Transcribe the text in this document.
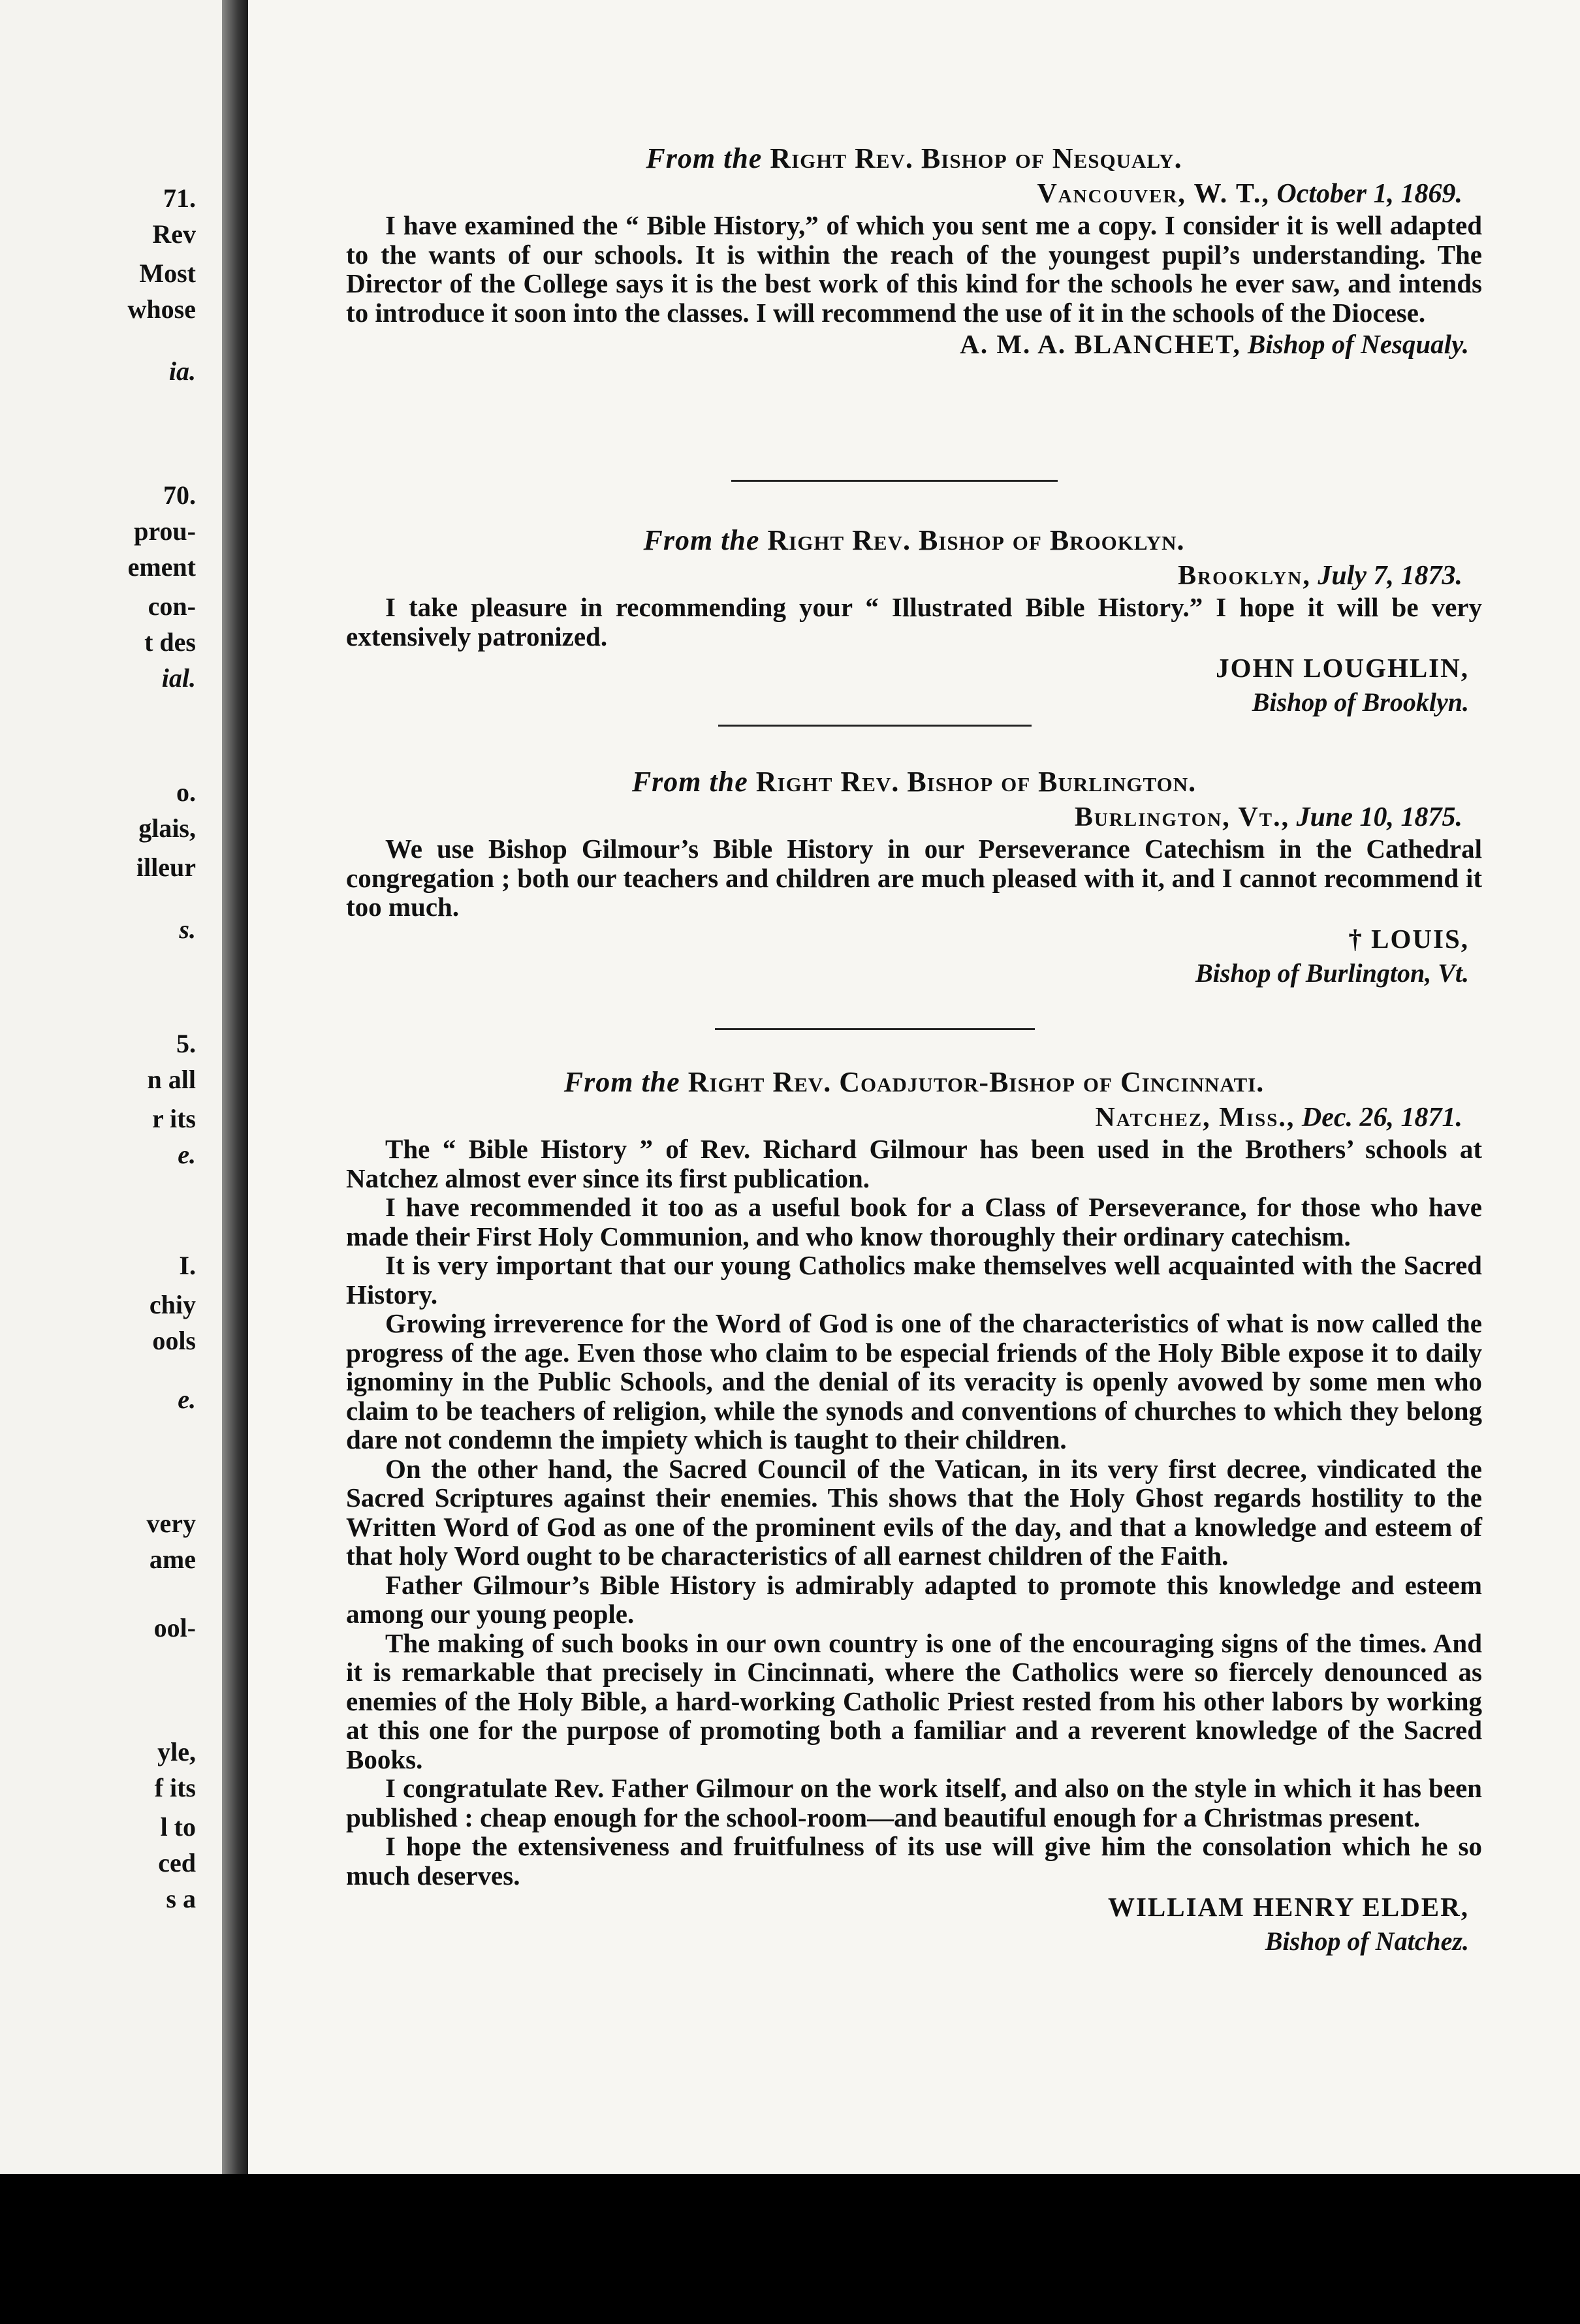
71.
Rev
Most
whose
ia.
70.
prou-
ement
con-
t des
ial.
o.
glais,
illeur
s.
5.
n all
r its
e.
I.
chiy
ools
e.
very
ame
ool-
yle,
f its
l to
ced
s a
From the Right Rev. Bishop of Nesqualy.
Vancouver, W. T., October 1, 1869.

I have examined the “ Bible History,” of which you sent me a copy. I consider it is well adapted to the wants of our schools. It is within the reach of the youngest pupil’s understanding. The Director of the College says it is the best work of this kind for the schools he ever saw, and intends to introduce it soon into the classes. I will recommend the use of it in the schools of the Diocese.

A. M. A. BLANCHET, Bishop of Nesqualy.
From the Right Rev. Bishop of Brooklyn.
Brooklyn, July 7, 1873.

I take pleasure in recommending your “ Illustrated Bible History.” I hope it will be very extensively patronized.

JOHN LOUGHLIN,
Bishop of Brooklyn.
From the Right Rev. Bishop of Burlington.
Burlington, Vt., June 10, 1875.

We use Bishop Gilmour’s Bible History in our Perseverance Catechism in the Cathedral congregation ; both our teachers and children are much pleased with it, and I cannot recommend it too much.

† LOUIS,
Bishop of Burlington, Vt.
From the Right Rev. Coadjutor-Bishop of Cincinnati.
Natchez, Miss., Dec. 26, 1871.

The “ Bible History ” of Rev. Richard Gilmour has been used in the Brothers’ schools at Natchez almost ever since its first publication.

I have recommended it too as a useful book for a Class of Perseverance, for those who have made their First Holy Communion, and who know thoroughly their ordinary catechism.

It is very important that our young Catholics make themselves well acquainted with the Sacred History.

Growing irreverence for the Word of God is one of the characteristics of what is now called the progress of the age. Even those who claim to be especial friends of the Holy Bible expose it to daily ignominy in the Public Schools, and the denial of its veracity is openly avowed by some men who claim to be teachers of religion, while the synods and conventions of churches to which they belong dare not condemn the impiety which is taught to their children.

On the other hand, the Sacred Council of the Vatican, in its very first decree, vindicated the Sacred Scriptures against their enemies. This shows that the Holy Ghost regards hostility to the Written Word of God as one of the prominent evils of the day, and that a knowledge and esteem of that holy Word ought to be characteristics of all earnest children of the Faith.

Father Gilmour’s Bible History is admirably adapted to promote this knowledge and esteem among our young people.

The making of such books in our own country is one of the encouraging signs of the times. And it is remarkable that precisely in Cincinnati, where the Catholics were so fiercely denounced as enemies of the Holy Bible, a hard-working Catholic Priest rested from his other labors by working at this one for the purpose of promoting both a familiar and a reverent knowledge of the Sacred Books.

I congratulate Rev. Father Gilmour on the work itself, and also on the style in which it has been published : cheap enough for the school-room—and beautiful enough for a Christmas present.

I hope the extensiveness and fruitfulness of its use will give him the consolation which he so much deserves.

WILLIAM HENRY ELDER,
Bishop of Natchez.
